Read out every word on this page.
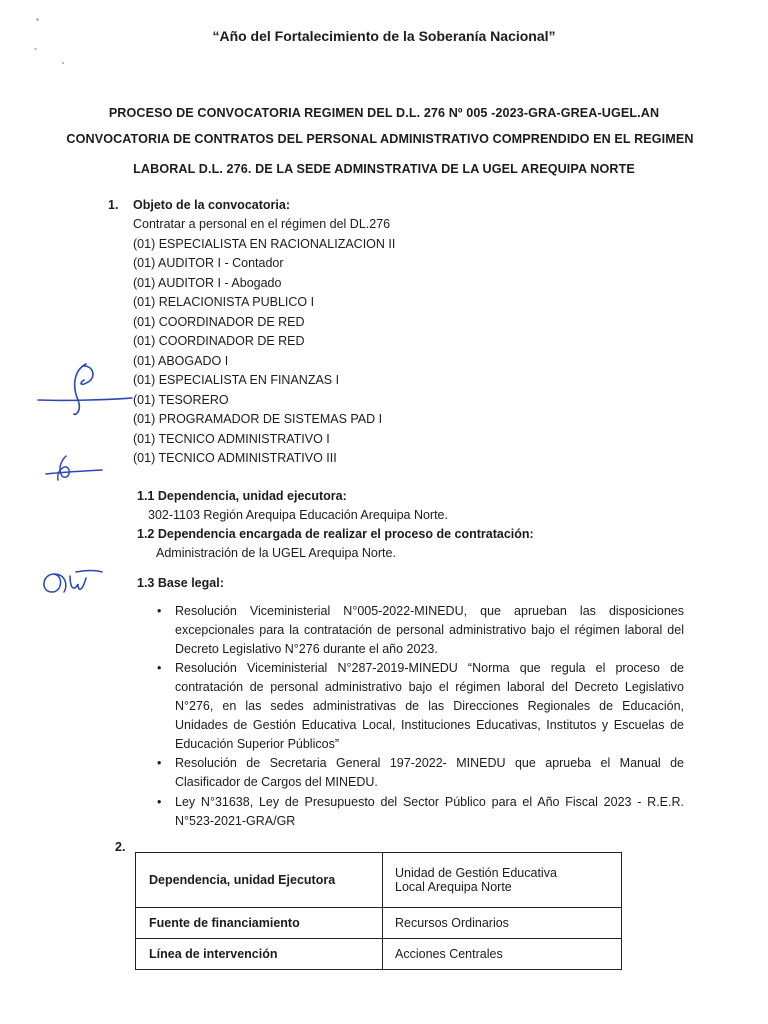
“Año del Fortalecimiento de la Soberanía Nacional”
PROCESO DE CONVOCATORIA REGIMEN DEL D.L. 276 Nº 005 -2023-GRA-GREA-UGEL.AN
CONVOCATORIA DE CONTRATOS DEL PERSONAL ADMINISTRATIVO COMPRENDIDO EN EL REGIMEN
LABORAL D.L. 276. DE LA SEDE ADMINSTRATIVA DE LA UGEL AREQUIPA NORTE
1. Objeto de la convocatoria:
Contratar a personal en el régimen del DL.276
(01) ESPECIALISTA EN RACIONALIZACION II
(01) AUDITOR I - Contador
(01) AUDITOR I - Abogado
(01) RELACIONISTA PUBLICO I
(01) COORDINADOR DE RED
(01) COORDINADOR DE RED
(01) ABOGADO I
(01) ESPECIALISTA EN FINANZAS I
(01) TESORERO
(01) PROGRAMADOR DE SISTEMAS PAD I
(01) TECNICO ADMINISTRATIVO I
(01) TECNICO ADMINISTRATIVO III
1.1 Dependencia, unidad ejecutora:
302-1103 Región Arequipa Educación Arequipa Norte.
1.2 Dependencia encargada de realizar el proceso de contratación:
Administración de la UGEL Arequipa Norte.
1.3 Base legal:
• Resolución Viceministerial N°005-2022-MINEDU, que aprueban las disposiciones excepcionales para la contratación de personal administrativo bajo el régimen laboral del Decreto Legislativo N°276 durante el año 2023.
• Resolución Viceministerial N°287-2019-MINEDU “Norma que regula el proceso de contratación de personal administrativo bajo el régimen laboral del Decreto Legislativo N°276, en las sedes administrativas de las Direcciones Regionales de Educación, Unidades de Gestión Educativa Local, Instituciones Educativas, Institutos y Escuelas de Educación Superior Públicos”
• Resolución de Secretaria General 197-2022- MINEDU que aprueba el Manual de Clasificador de Cargos del MINEDU.
• Ley N°31638, Ley de Presupuesto del Sector Público para el Año Fiscal 2023 - R.E.R. N°523-2021-GRA/GR
2.
Dependencia, unidad Ejecutora	Unidad de Gestión Educativa
Local Arequipa Norte

Fuente de financiamiento	Recursos Ordinarios
Línea de intervención	Acciones Centrales
